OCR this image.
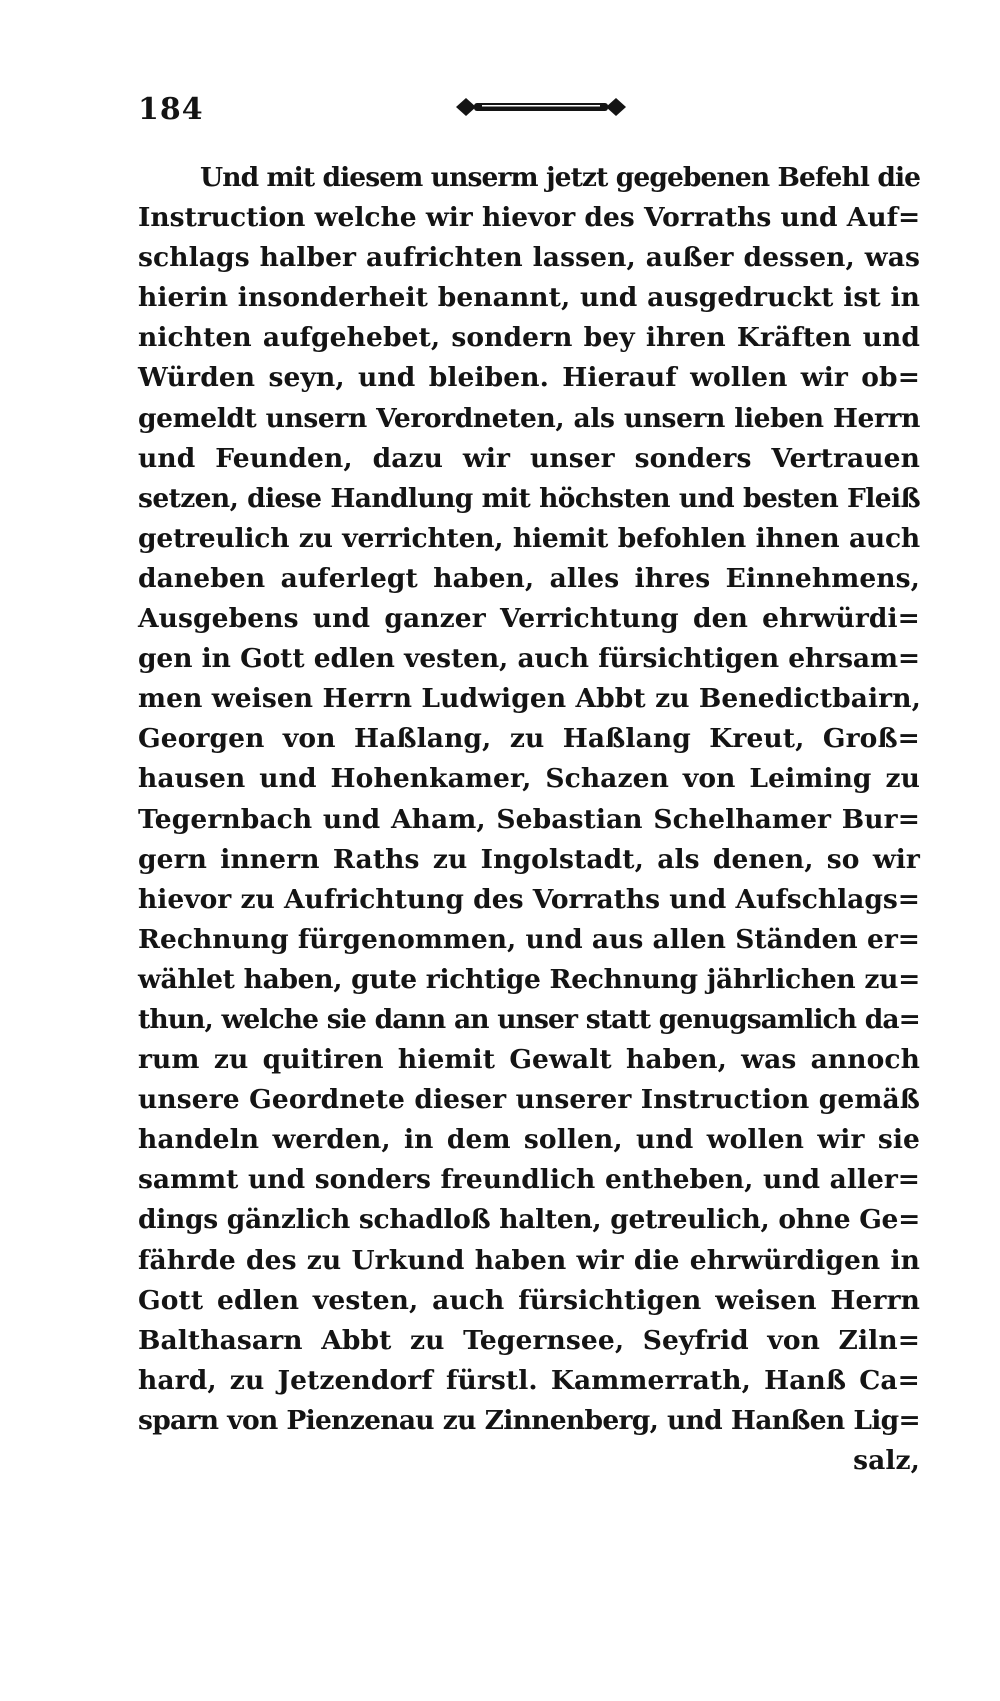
184
Und mit diesem unserm jetzt gegebenen Befehl die
Instruction welche wir hievor des Vorraths und Auf=
schlags halber aufrichten lassen, außer dessen, was
hierin insonderheit benannt, und ausgedruckt ist in
nichten aufgehebet, sondern bey ihren Kräften und
Würden seyn, und bleiben. Hierauf wollen wir ob=
gemeldt unsern Verordneten, als unsern lieben Herrn
und Feunden, dazu wir unser sonders Vertrauen
setzen, diese Handlung mit höchsten und besten Fleiß
getreulich zu verrichten, hiemit befohlen ihnen auch
daneben auferlegt haben, alles ihres Einnehmens,
Ausgebens und ganzer Verrichtung den ehrwürdi=
gen in Gott edlen vesten, auch fürsichtigen ehrsam=
men weisen Herrn Ludwigen Abbt zu Benedictbairn,
Georgen von Haßlang, zu Haßlang Kreut, Groß=
hausen und Hohenkamer, Schazen von Leiming zu
Tegernbach und Aham, Sebastian Schelhamer Bur=
gern innern Raths zu Ingolstadt, als denen, so wir
hievor zu Aufrichtung des Vorraths und Aufschlags=
Rechnung fürgenommen, und aus allen Ständen er=
wählet haben, gute richtige Rechnung jährlichen zu=
thun, welche sie dann an unser statt genugsamlich da=
rum zu quitiren hiemit Gewalt haben, was annoch
unsere Geordnete dieser unserer Instruction gemäß
handeln werden, in dem sollen, und wollen wir sie
sammt und sonders freundlich entheben, und aller=
dings gänzlich schadloß halten, getreulich, ohne Ge=
fährde des zu Urkund haben wir die ehrwürdigen in
Gott edlen vesten, auch fürsichtigen weisen Herrn
Balthasarn Abbt zu Tegernsee, Seyfrid von Ziln=
hard, zu Jetzendorf fürstl. Kammerrath, Hanß Ca=
sparn von Pienzenau zu Zinnenberg, und Hanßen Lig=
salz,
